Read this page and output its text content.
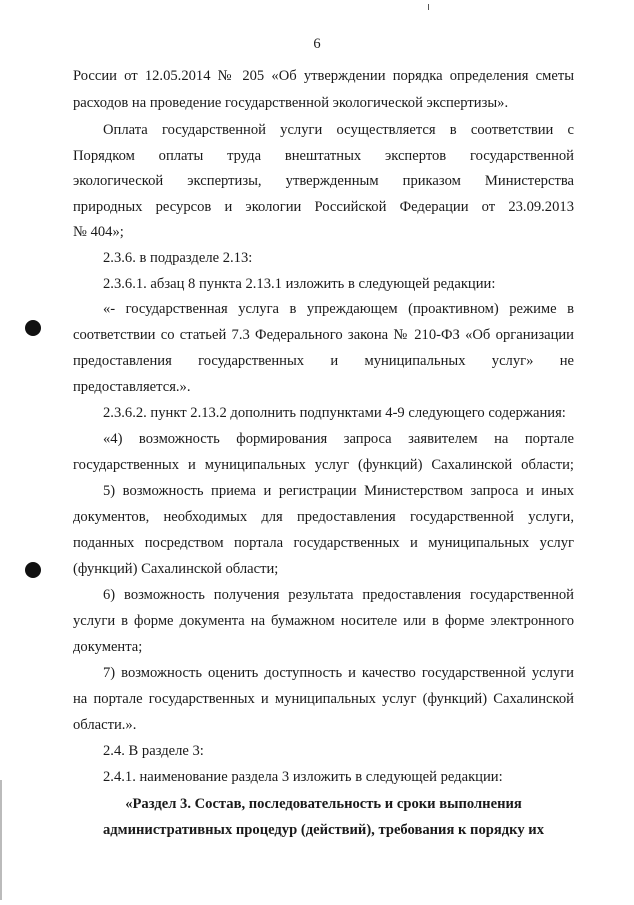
6
России от 12.05.2014 № 205 «Об утверждении порядка определения сметы
расходов на проведение государственной экологической экспертизы».
Оплата государственной услуги осуществляется в соответствии с
Порядком оплаты труда внештатных экспертов государственной
экологической экспертизы, утвержденным приказом Министерства
природных ресурсов и экологии Российской Федерации от 23.09.2013
№ 404»;
2.3.6. в подразделе 2.13:
2.3.6.1. абзац 8 пункта 2.13.1 изложить в следующей редакции:
«- государственная услуга в упреждающем (проактивном) режиме в
соответствии со статьей 7.3 Федерального закона № 210-ФЗ «Об организации
предоставления государственных и муниципальных услуг» не
предоставляется.».
2.3.6.2. пункт 2.13.2 дополнить подпунктами 4-9 следующего содержания:
«4) возможность формирования запроса заявителем на портале
государственных и муниципальных услуг (функций) Сахалинской области;
5) возможность приема и регистрации Министерством запроса и иных
документов, необходимых для предоставления государственной услуги,
поданных посредством портала государственных и муниципальных услуг
(функций) Сахалинской области;
6) возможность получения результата предоставления государственной
услуги в форме документа на бумажном носителе или в форме электронного
документа;
7) возможность оценить доступность и качество государственной услуги
на портале государственных и муниципальных услуг (функций) Сахалинской
области.».
2.4. В разделе 3:
2.4.1. наименование раздела 3 изложить в следующей редакции:
«Раздел 3. Состав, последовательность и сроки выполнения
административных процедур (действий), требования к порядку их
